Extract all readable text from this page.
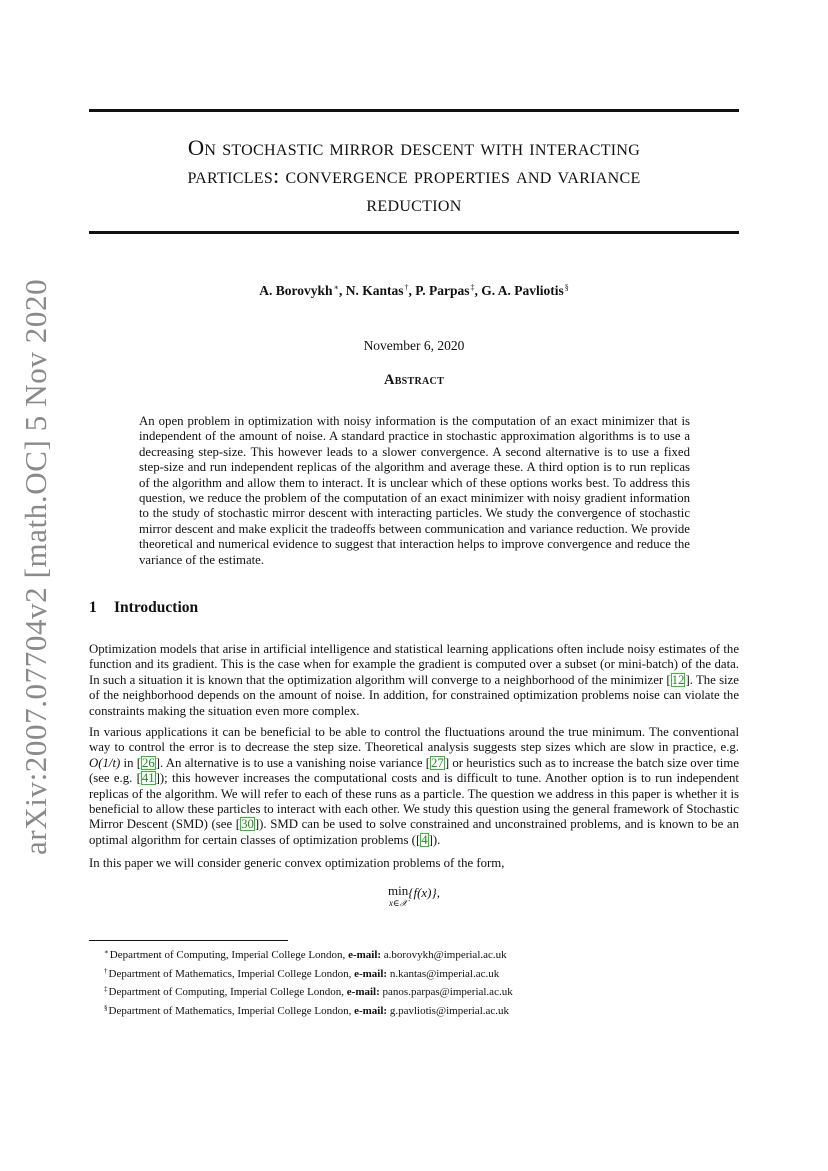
arXiv:2007.07704v2 [math.OC] 5 Nov 2020
On stochastic mirror descent with interacting
particles: convergence properties and variance
reduction
A. Borovykh∗, N. Kantas†, P. Parpas‡, G. A. Pavliotis§
November 6, 2020
Abstract

An open problem in optimization with noisy information is the computation of an exact minimizer that is independent of the amount of noise. A standard practice in stochastic approximation algorithms is to use a decreasing step-size. This however leads to a slower convergence. A second alternative is to use a fixed step-size and run independent replicas of the algorithm and average these. A third option is to run replicas of the algorithm and allow them to interact. It is unclear which of these options works best. To address this question, we reduce the problem of the computation of an exact minimizer with noisy gradient information to the study of stochastic mirror descent with interacting particles. We study the convergence of stochastic mirror descent and make explicit the tradeoffs between communication and variance reduction. We provide theoretical and numerical evidence to suggest that interaction helps to improve convergence and reduce the variance of the estimate.

1 Introduction

Optimization models that arise in artificial intelligence and statistical learning applications often include noisy estimates of the function and its gradient. This is the case when for example the gradient is computed over a subset (or mini-batch) of the data. In such a situation it is known that the optimization algorithm will converge to a neighborhood of the minimizer [12]. The size of the neighborhood depends on the amount of noise. In addition, for constrained optimization problems noise can violate the constraints making the situation even more complex.

In various applications it can be beneficial to be able to control the fluctuations around the true minimum. The conventional way to control the error is to decrease the step size. Theoretical analysis suggests step sizes which are slow in practice, e.g. O(1/t) in [26]. An alternative is to use a vanishing noise variance [27] or heuristics such as to increase the batch size over time (see e.g. [41]); this however increases the computational costs and is difficult to tune. Another option is to run independent replicas of the algorithm. We will refer to each of these runs as a particle. The question we address in this paper is whether it is beneficial to allow these particles to interact with each other. We study this question using the general framework of Stochastic Mirror Descent (SMD) (see [30]). SMD can be used to solve constrained and unconstrained problems, and is known to be an optimal algorithm for certain classes of optimization problems ([4]).

In this paper we will consider generic convex optimization problems of the form,

min
x∈𝒳
{f(x)},
∗Department of Computing, Imperial College London, e-mail: a.borovykh@imperial.ac.uk
†Department of Mathematics, Imperial College London, e-mail: n.kantas@imperial.ac.uk
‡Department of Computing, Imperial College London, e-mail: panos.parpas@imperial.ac.uk
§Department of Mathematics, Imperial College London, e-mail: g.pavliotis@imperial.ac.uk
